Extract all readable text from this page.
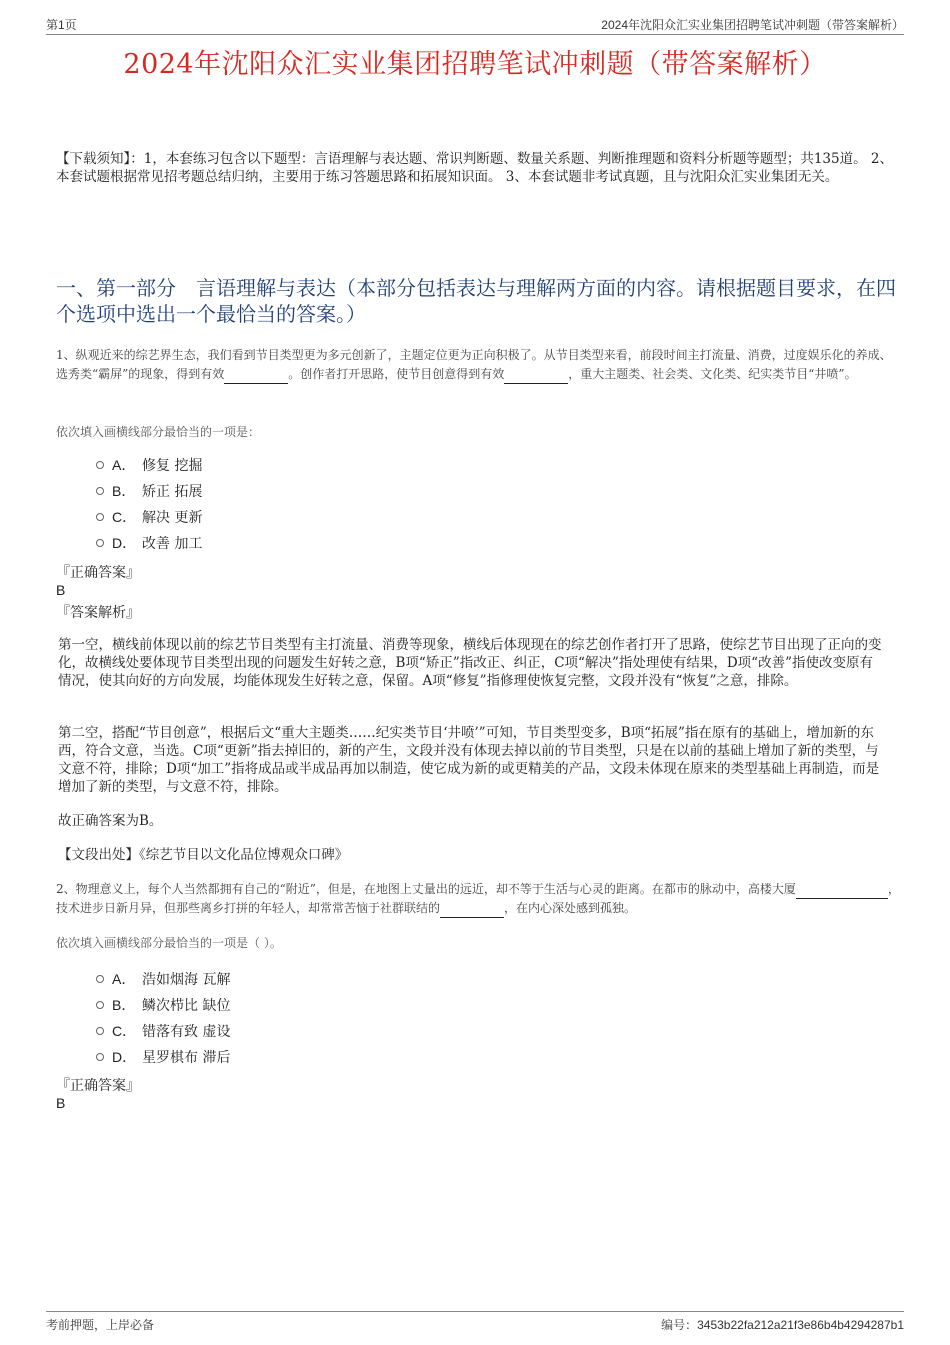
第1页	2024年沈阳众汇实业集团招聘笔试冲刺题（带答案解析）
2024年沈阳众汇实业集团招聘笔试冲刺题（带答案解析）
【下载须知】：1，本套练习包含以下题型：言语理解与表达题、常识判断题、数量关系题、判断推理题和资料分析题等题型；共135道。 2、本套试题根据常见招考题总结归纳，主要用于练习答题思路和拓展知识面。 3、本套试题非考试真题，且与沈阳众汇实业集团无关。
一、第一部分　言语理解与表达（本部分包括表达与理解两方面的内容。请根据题目要求，在四个选项中选出一个最恰当的答案。）
1、纵观近来的综艺界生态，我们看到节目类型更为多元创新了，主题定位更为正向积极了。从节目类型来看，前段时间主打流量、消费，过度娱乐化的养成、选秀类“霸屏”的现象，得到有效	。创作者打开思路，使节目创意得到有效	，重大主题类、社会类、文化类、纪实类节目“井喷”。
依次填入画横线部分最恰当的一项是：
A． 修复 挖掘
B． 矫正 拓展
C． 解决 更新
D． 改善 加工
『正确答案』
B
『答案解析』
第一空，横线前体现以前的综艺节目类型有主打流量、消费等现象，横线后体现现在的综艺创作者打开了思路，使综艺节目出现了正向的变化，故横线处要体现节目类型出现的问题发生好转之意，B项“矫正”指改正、纠正，C项“解决”指处理使有结果，D项“改善”指使改变原有情况，使其向好的方向发展，均能体现发生好转之意，保留。A项“修复”指修理使恢复完整，文段并没有“恢复”之意，排除。
第二空，搭配“节目创意”，根据后文“重大主题类……纪实类节目‘井喷’”可知，节目类型变多，B项“拓展”指在原有的基础上，增加新的东西，符合文意，当选。C项“更新”指去掉旧的，新的产生，文段并没有体现去掉以前的节目类型，只是在以前的基础上增加了新的类型，与文意不符，排除；D项“加工”指将成品或半成品再加以制造，使它成为新的或更精美的产品，文段未体现在原来的类型基础上再制造，而是增加了新的类型，与文意不符，排除。
故正确答案为B。
【文段出处】《综艺节目以文化品位博观众口碑》
2、物理意义上，每个人当然都拥有自己的“附近”，但是，在地图上丈量出的远近，却不等于生活与心灵的距离。在都市的脉动中，高楼大厦	，技术进步日新月异，但那些离乡打拼的年轻人，却常常苦恼于社群联结的	，在内心深处感到孤独。
依次填入画横线部分最恰当的一项是（ ）。
A． 浩如烟海 瓦解
B． 鳞次栉比 缺位
C． 错落有致 虚设
D． 星罗棋布 滞后
『正确答案』
B
考前押题，上岸必备	编号：3453b22fa212a21f3e86b4b4294287b1
